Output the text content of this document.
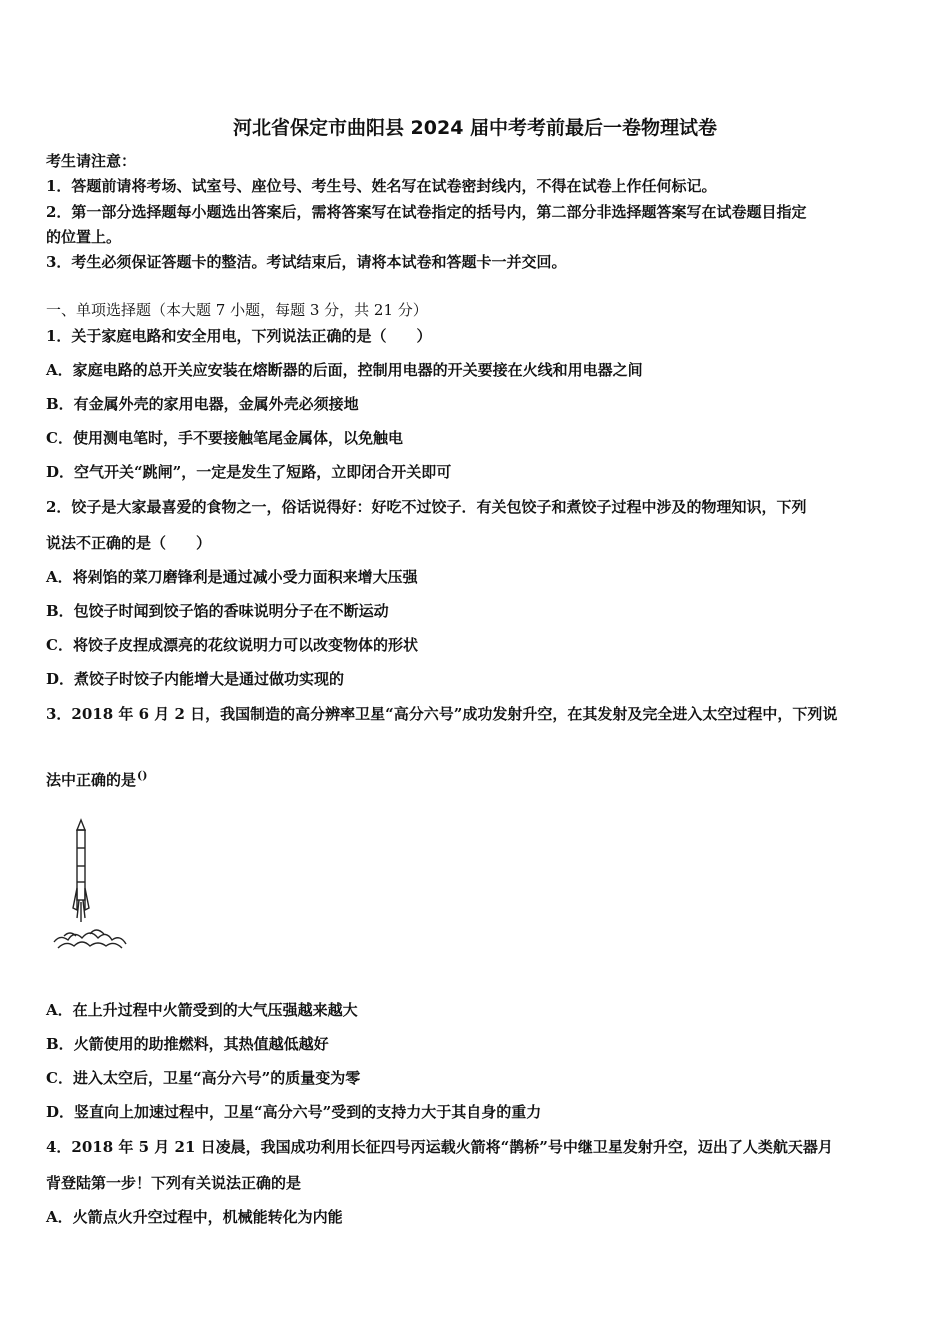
河北省保定市曲阳县 2024 届中考考前最后一卷物理试卷
考生请注意：
1．答题前请将考场、试室号、座位号、考生号、姓名写在试卷密封线内，不得在试卷上作任何标记。
2．第一部分选择题每小题选出答案后，需将答案写在试卷指定的括号内，第二部分非选择题答案写在试卷题目指定
的位置上。
3．考生必须保证答题卡的整洁。考试结束后，请将本试卷和答题卡一并交回。
一、单项选择题（本大题 7 小题，每题 3 分，共 21 分）
1．关于家庭电路和安全用电，下列说法正确的是（　　）
A．家庭电路的总开关应安装在熔断器的后面，控制用电器的开关要接在火线和用电器之间
B．有金属外壳的家用电器，金属外壳必须接地
C．使用测电笔时，手不要接触笔尾金属体，以免触电
D．空气开关“跳闸”，一定是发生了短路，立即闭合开关即可
2．饺子是大家最喜爱的食物之一，俗话说得好：好吃不过饺子．有关包饺子和煮饺子过程中涉及的物理知识，下列
说法不正确的是（　　）
A．将剁馅的菜刀磨锋利是通过减小受力面积来增大压强
B．包饺子时闻到饺子馅的香味说明分子在不断运动
C．将饺子皮捏成漂亮的花纹说明力可以改变物体的形状
D．煮饺子时饺子内能增大是通过做功实现的
3．2018 年 6 月 2 日，我国制造的高分辨率卫星“高分六号”成功发射升空，在其发射及完全进入太空过程中，下列说
法中正确的是()
A．在上升过程中火箭受到的大气压强越来越大
B．火箭使用的助推燃料，其热值越低越好
C．进入太空后，卫星“高分六号”的质量变为零
D．竖直向上加速过程中，卫星“高分六号”受到的支持力大于其自身的重力
4．2018 年 5 月 21 日凌晨，我国成功利用长征四号丙运载火箭将“鹊桥”号中继卫星发射升空，迈出了人类航天器月
背登陆第一步！下列有关说法正确的是
A．火箭点火升空过程中，机械能转化为内能
